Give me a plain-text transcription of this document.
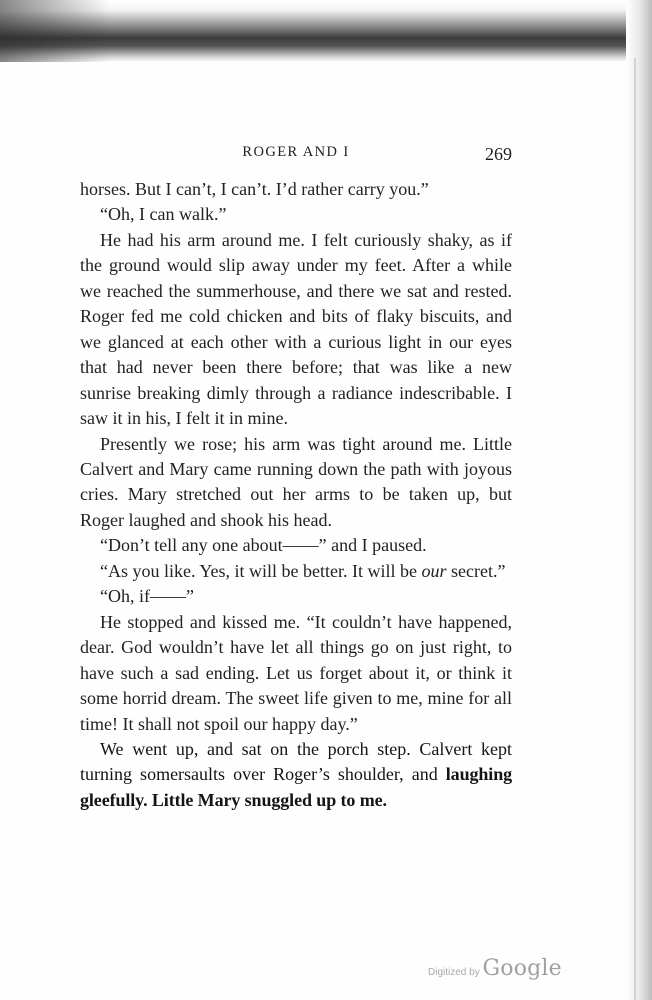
ROGER AND I	269

horses. But I can’t, I can’t. I’d rather carry you.”

“Oh, I can walk.”

He had his arm around me. I felt curiously shaky, as if the ground would slip away under my feet. After a while we reached the summerhouse, and there we sat and rested. Roger fed me cold chicken and bits of flaky biscuits, and we glanced at each other with a curious light in our eyes that had never been there before; that was like a new sunrise breaking dimly through a radiance indescribable. I saw it in his, I felt it in mine.

Presently we rose; his arm was tight around me. Little Calvert and Mary came running down the path with joyous cries. Mary stretched out her arms to be taken up, but Roger laughed and shook his head.

“Don’t tell any one about——” and I paused.

“As you like. Yes, it will be better. It will be our secret.”

“Oh, if——”

He stopped and kissed me. “It couldn’t have happened, dear. God wouldn’t have let all things go on just right, to have such a sad ending. Let us forget about it, or think it some horrid dream. The sweet life given to me, mine for all time! It shall not spoil our happy day.”

We went up, and sat on the porch step. Calvert kept turning somersaults over Roger’s shoulder, and laughing gleefully. Little Mary snuggled up to me.

Digitized by Google
